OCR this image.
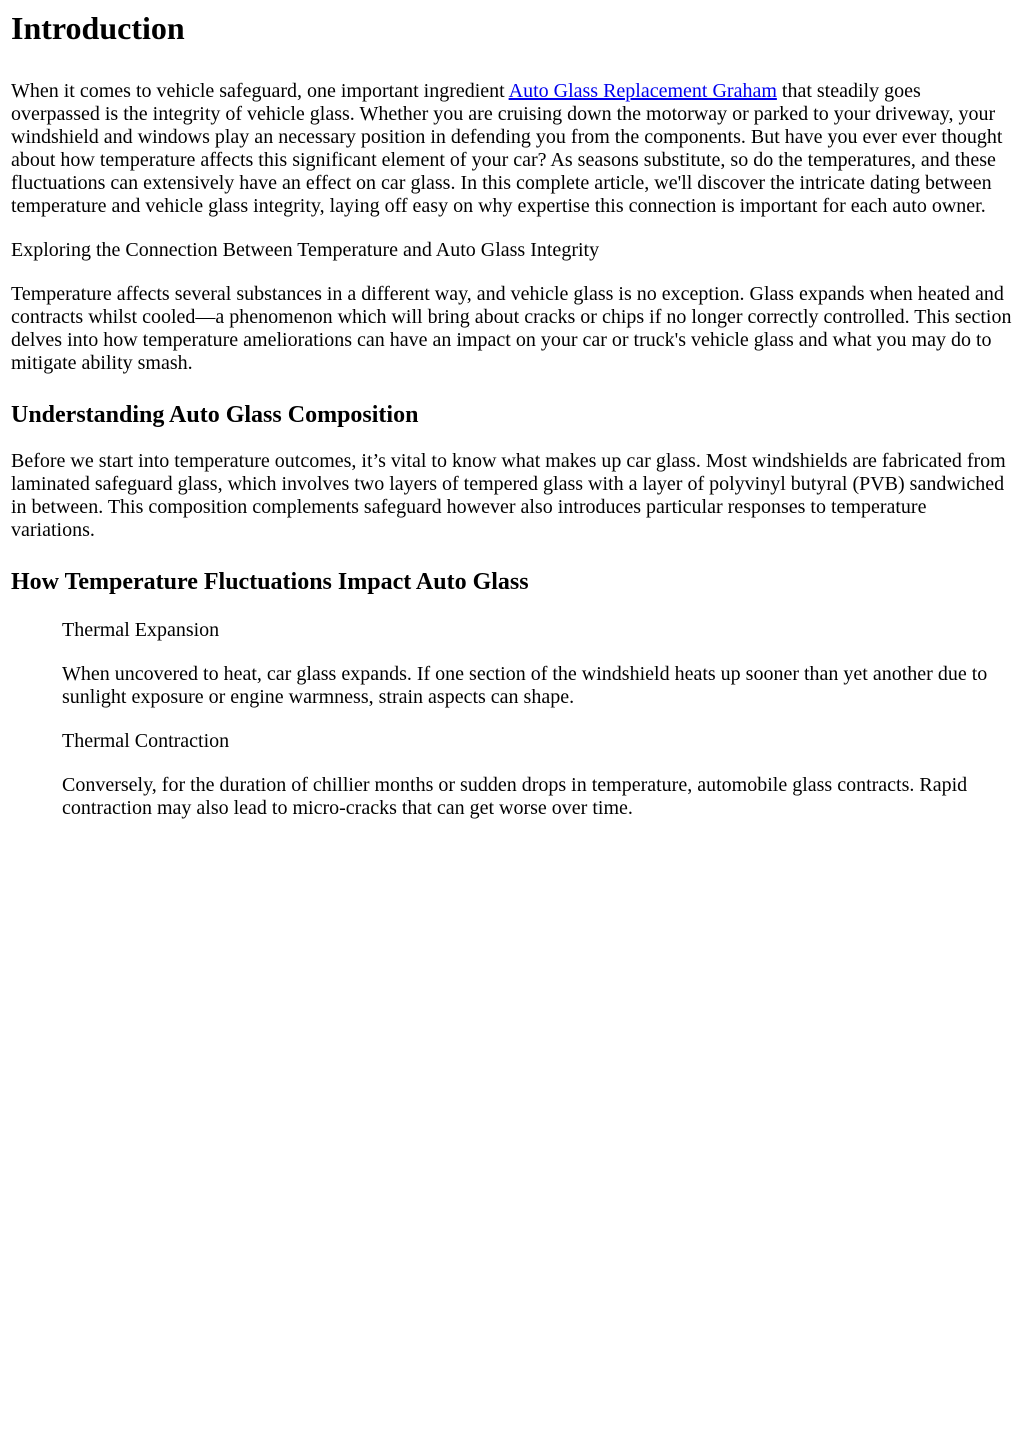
Introduction

When it comes to vehicle safeguard, one important ingredient Auto Glass Replacement Graham that steadily goes overpassed is the integrity of vehicle glass. Whether you are cruising down the motorway or parked to your driveway, your windshield and windows play an necessary position in defending you from the components. But have you ever ever thought about how temperature affects this significant element of your car? As seasons substitute, so do the temperatures, and these fluctuations can extensively have an effect on car glass. In this complete article, we'll discover the intricate dating between temperature and vehicle glass integrity, laying off easy on why expertise this connection is important for each auto owner.

Exploring the Connection Between Temperature and Auto Glass Integrity

Temperature affects several substances in a different way, and vehicle glass is no exception. Glass expands when heated and contracts whilst cooled—a phenomenon which will bring about cracks or chips if no longer correctly controlled. This section delves into how temperature ameliorations can have an impact on your car or truck's vehicle glass and what you may do to mitigate ability smash.

Understanding Auto Glass Composition

Before we start into temperature outcomes, it’s vital to know what makes up car glass. Most windshields are fabricated from laminated safeguard glass, which involves two layers of tempered glass with a layer of polyvinyl butyral (PVB) sandwiched in between. This composition complements safeguard however also introduces particular responses to temperature variations.

How Temperature Fluctuations Impact Auto Glass

Thermal Expansion

When uncovered to heat, car glass expands. If one section of the windshield heats up sooner than yet another due to sunlight exposure or engine warmness, strain aspects can shape.

Thermal Contraction

Conversely, for the duration of chillier months or sudden drops in temperature, automobile glass contracts. Rapid contraction may also lead to micro-cracks that can get worse over time.
